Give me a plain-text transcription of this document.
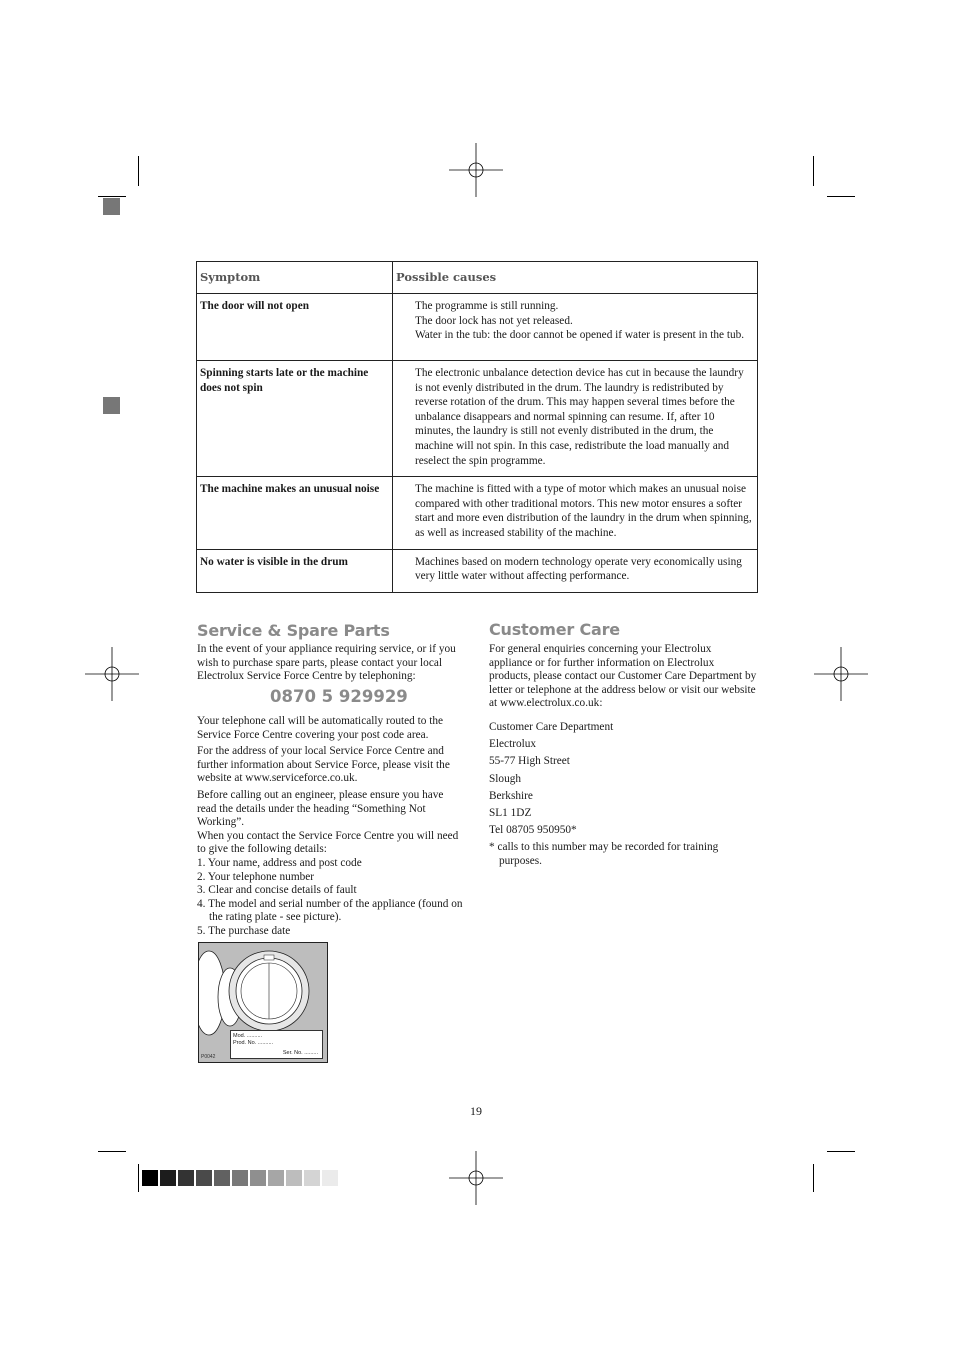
Symptom	Possible causes
The door will not open	The programme is still running.
The door lock has not yet released.
Water in the tub: the door cannot be opened if water is present in the tub.

Spinning starts late or the machine does not spin	The electronic unbalance detection device has cut in because the laundry is not evenly distributed in the drum. The laundry is redistributed by reverse rotation of the drum. This may happen several times before the unbalance disappears and normal spinning can resume. If, after 10 minutes, the laundry is still not evenly distributed in the drum, the machine will not spin. In this case, redistribute the load manually and reselect the spin programme.
The machine makes an unusual noise	The machine is fitted with a type of motor which makes an unusual noise compared with other traditional motors. This new motor ensures a softer start and more even distribution of the laundry in the drum when spinning, as well as increased stability of the machine.
No water is visible in the drum	Machines based on modern technology operate very economically using very little water without affecting performance.
Service & Spare Parts

In the event of your appliance requiring service, or if you wish to purchase spare parts, please contact your local Electrolux Service Force Centre by telephoning:

0870 5 929929

Your telephone call will be automatically routed to the Service Force Centre covering your post code area.

For the address of your local Service Force Centre and further information about Service Force, please visit the website at www.serviceforce.co.uk.

Before calling out an engineer, please ensure you have read the details under the heading “Something Not Working”.

When you contact the Service Force Centre you will need to give the following details:

1. Your name, address and post code
2. Your telephone number
3. Clear and concise details of fault
4. The model and serial number of the appliance (found on the rating plate - see picture).
5. The purchase date
Mod. ..........
Prod. No. ..........
Ser. No. .........
P0042
Customer Care

For general enquiries concerning your Electrolux appliance or for further information on Electrolux products, please contact our Customer Care Department by letter or telephone at the address below or visit our website at www.electrolux.co.uk:

Customer Care Department
Electrolux
55-77 High Street
Slough
Berkshire
SL1 1DZ
Tel 08705 950950*
* calls to this number may be recorded for training purposes.
19
